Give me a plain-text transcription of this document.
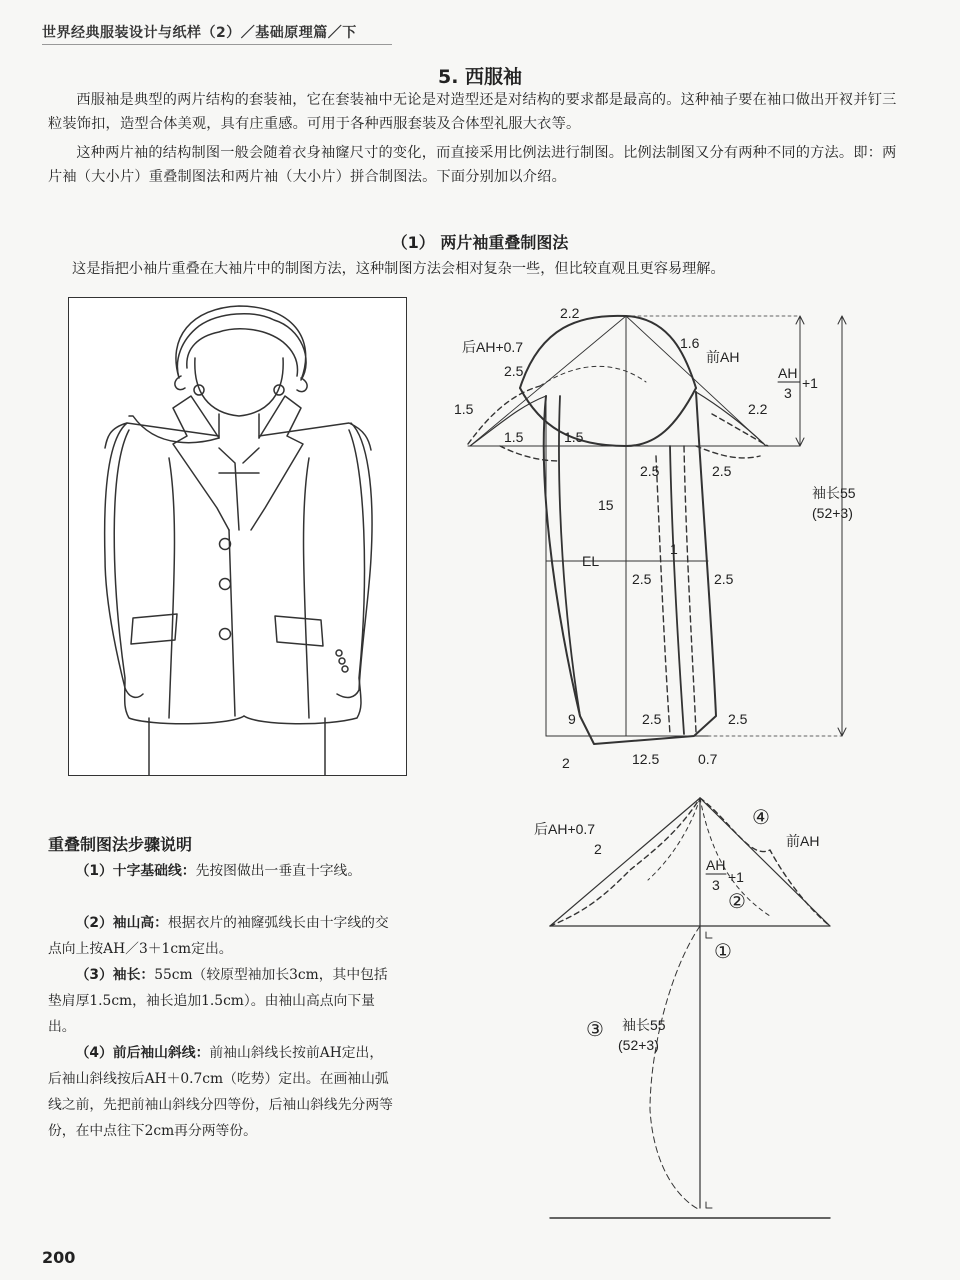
世界经典服装设计与纸样（2）／基础原理篇／下
5. 西服袖
西服袖是典型的两片结构的套装袖，它在套装袖中无论是对造型还是对结构的要求都是最高的。这种袖子要在袖口做出开衩并钉三粒装饰扣，造型合体美观，具有庄重感。可用于各种西服套装及合体型礼服大衣等。
这种两片袖的结构制图一般会随着衣身袖窿尺寸的变化，而直接采用比例法进行制图。比例法制图又分有两种不同的方法。即：两片袖（大小片）重叠制图法和两片袖（大小片）拼合制图法。下面分别加以介绍。
（1） 两片袖重叠制图法
这是指把小袖片重叠在大袖片中的制图方法，这种制图方法会相对复杂一些，但比较直观且更容易理解。
2.2
1.6
2.5
2.2
1.5
1.5	1.5
2.5	2.5
15
1
2.5	2.5
9	2.5	2.5
2	12.5	0.7
后AH+0.7
前AH
EL
AH
3
+1
袖长55
(52+3)
重叠制图法步骤说明
（1）十字基础线：先按图做出一垂直十字线。
（2）袖山高：根据衣片的袖窿弧线长由十字线的交点向上按AH／3＋1cm定出。
（3）袖长：55cm（较原型袖加长3cm，其中包括垫肩厚1.5cm，袖长追加1.5cm）。由袖山高点向下量出。
（4）前后袖山斜线：前袖山斜线长按前AH定出，后袖山斜线按后AH＋0.7cm（吃势）定出。在画袖山弧线之前，先把前袖山斜线分四等份，后袖山斜线先分两等份，在中点往下2cm再分两等份。
后AH+0.7
2	前AH
AH
3 +1
袖长55
(52+3)
①
②
③
④
200
